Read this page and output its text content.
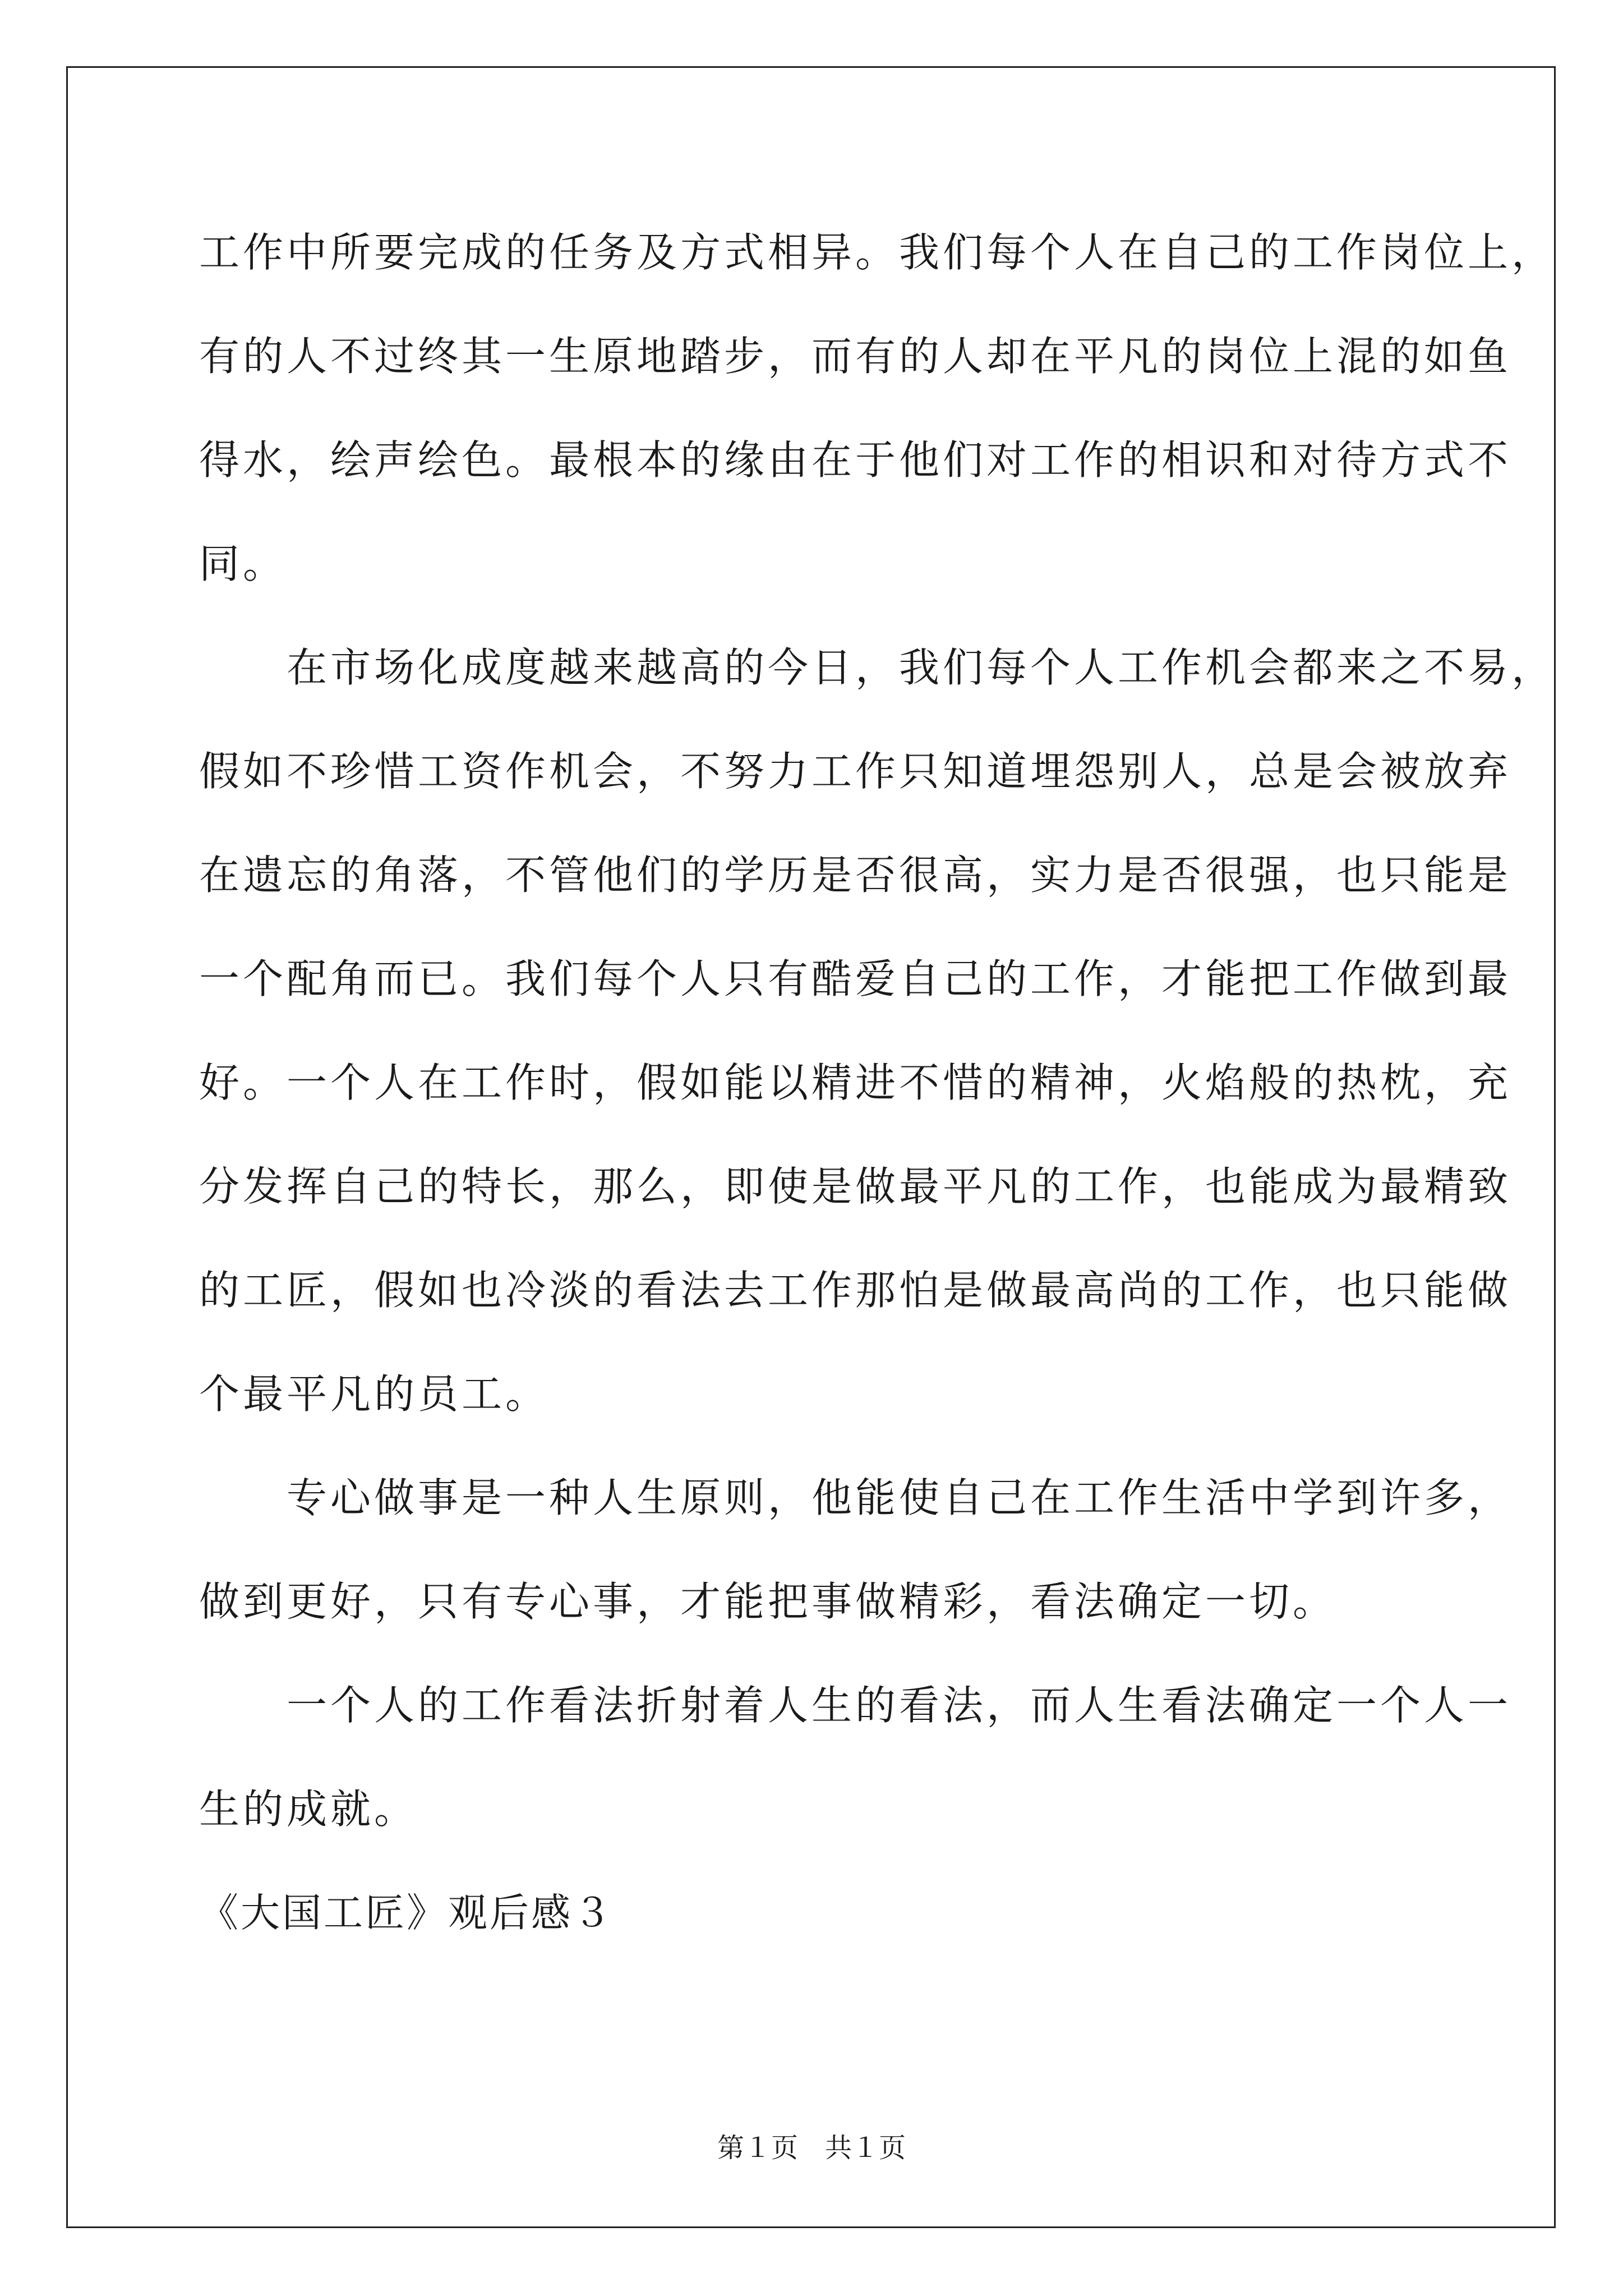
工作中所要完成的任务及方式相异。我们每个人在自己的工作岗位上，
有的人不过终其一生原地踏步，而有的人却在平凡的岗位上混的如鱼
得水，绘声绘色。最根本的缘由在于他们对工作的相识和对待方式不
同。
　　在市场化成度越来越高的今日，我们每个人工作机会都来之不易，
假如不珍惜工资作机会，不努力工作只知道埋怨别人，总是会被放弃
在遗忘的角落，不管他们的学历是否很高，实力是否很强，也只能是
一个配角而已。我们每个人只有酷爱自己的工作，才能把工作做到最
好。一个人在工作时，假如能以精进不惜的精神，火焰般的热枕，充
分发挥自己的特长，那么，即使是做最平凡的工作，也能成为最精致
的工匠，假如也冷淡的看法去工作那怕是做最高尚的工作，也只能做
个最平凡的员工。
　　专心做事是一种人生原则，他能使自己在工作生活中学到许多，
做到更好，只有专心事，才能把事做精彩，看法确定一切。
　　一个人的工作看法折射着人生的看法，而人生看法确定一个人一
生的成就。
《大国工匠》观后感３
第１页　共１页
